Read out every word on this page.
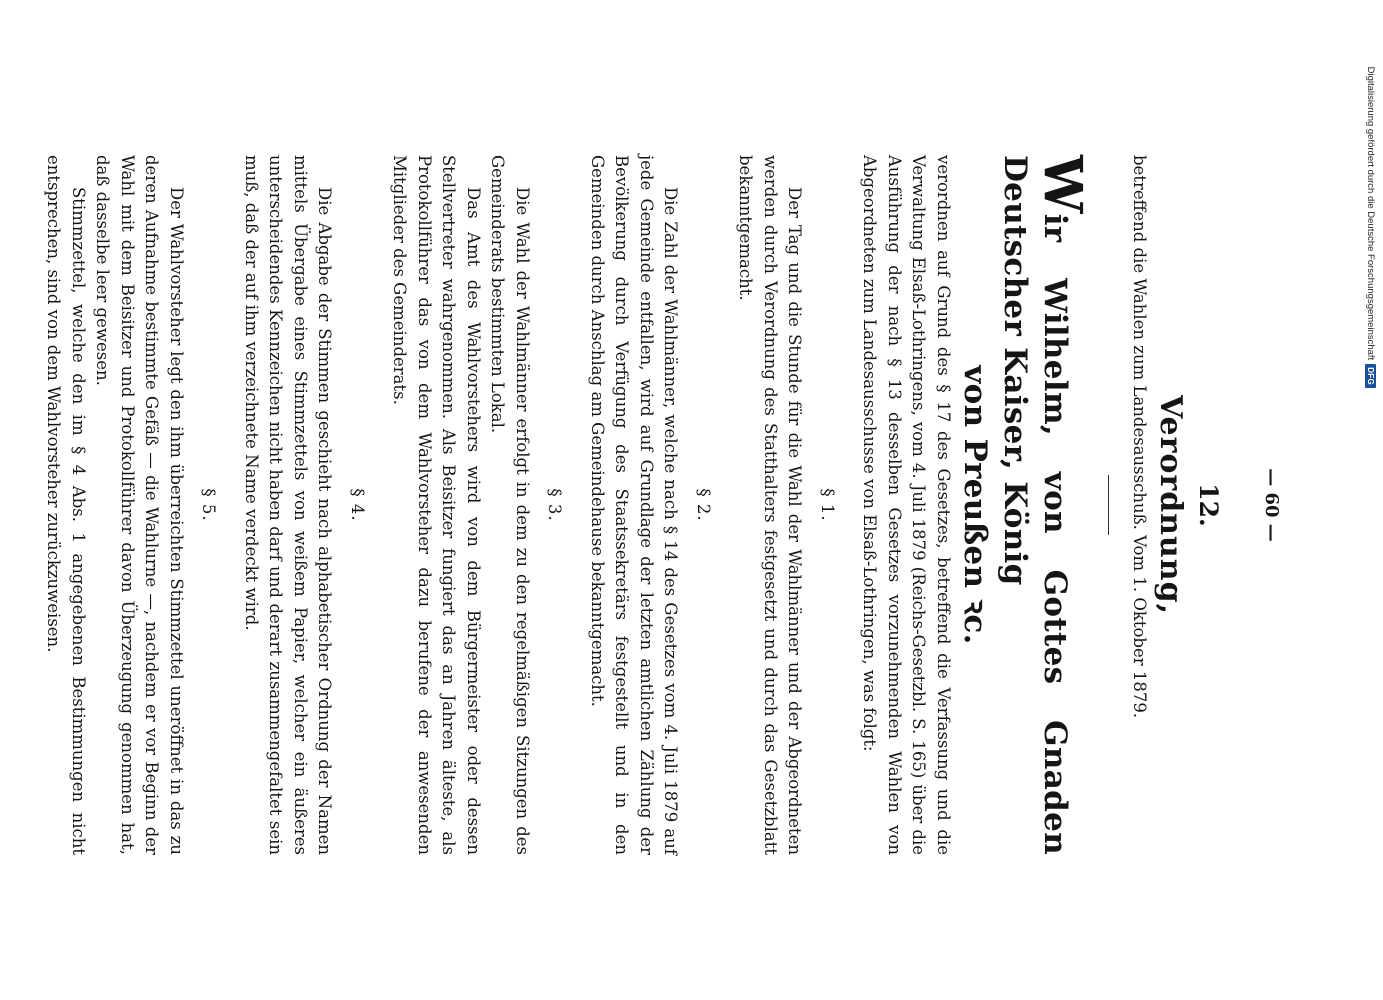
— 60 —
12.
Verordnung,
betreffend die Wahlen zum Landesausschuß. Vom 1. Oktober 1879.
Wir Wilhelm, von Gottes Gnaden Deutscher Kaiser, König
von Preußen ꝛc.

verordnen auf Grund des § 17 des Gesetzes, betreffend die Verfassung und die Verwaltung Elsaß-Lothringens, vom 4. Juli 1879 (Reichs-Gesetzbl. S. 165) über die Ausführung der nach § 13 desselben Gesetzes vorzunehmenden Wahlen von Abgeordneten zum Landesausschusse von Elsaß-Lothringen, was folgt:

§ 1.

Der Tag und die Stunde für die Wahl der Wahlmänner und der Abgeordneten werden durch Verordnung des Statthalters festgesetzt und durch das Gesetzblatt bekanntgemacht.

§ 2.

Die Zahl der Wahlmänner, welche nach § 14 des Gesetzes vom 4. Juli 1879 auf jede Gemeinde entfallen, wird auf Grundlage der letzten amtlichen Zählung der Bevölkerung durch Verfügung des Staatssekretärs festgestellt und in den Gemeinden durch Anschlag am Gemeindehause bekanntgemacht.

§ 3.

Die Wahl der Wahlmänner erfolgt in dem zu den regelmäßigen Sitzungen des Gemeinderats bestimmten Lokal.

Das Amt des Wahlvorstehers wird von dem Bürgermeister oder dessen Stellvertreter wahrgenommen. Als Beisitzer fungiert das an Jahren älteste, als Protokollführer das von dem Wahlvorsteher dazu berufene der anwesenden Mitglieder des Gemeinderats.

§ 4.

Die Abgabe der Stimmen geschieht nach alphabetischer Ordnung der Namen mittels Übergabe eines Stimmzettels von weißem Papier, welcher ein äußeres unterscheidendes Kennzeichen nicht haben darf und derart zusammengefaltet sein muß, daß der auf ihm verzeichnete Name verdeckt wird.

§ 5.

Der Wahlvorsteher legt den ihm überreichten Stimmzettel uneröffnet in das zu deren Aufnahme bestimmte Gefäß — die Wahlurne —, nachdem er vor Beginn der Wahl mit dem Beisitzer und Protokollführer davon Überzeugung genommen hat, daß dasselbe leer gewesen.

Stimmzettel, welche den im § 4 Abs. 1 angegebenen Bestimmungen nicht entsprechen, sind von dem Wahlvorsteher zurückzuweisen.	Digitalisierung gefördert durch die Deutsche Forschungsgemeinschaft
DFG
